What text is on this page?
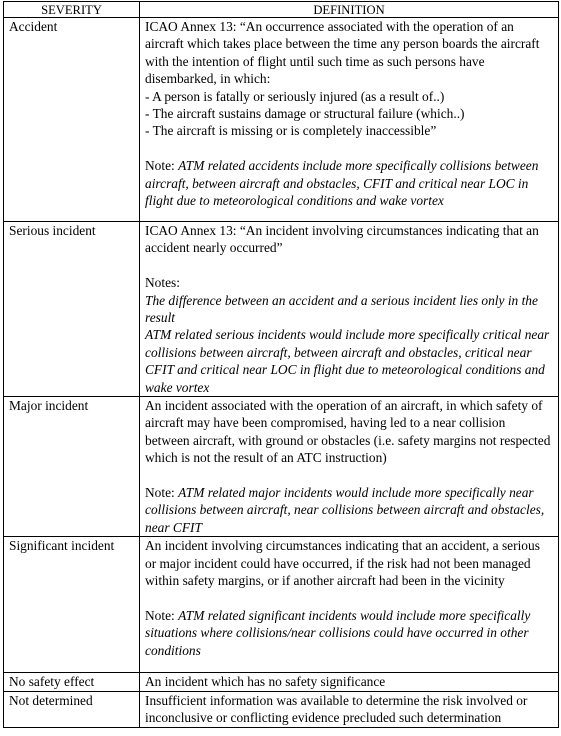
SEVERITY	DEFINITION
Accident	ICAO Annex 13: “An occurrence associated with the operation of an aircraft which takes place between the time any person boards the aircraft with the intention of flight until such time as such persons have disembarked, in which:

- A person is fatally or seriously injured (as a result of..)

- The aircraft sustains damage or structural failure (which..)

- The aircraft is missing or is completely inaccessible”

Note: ATM related accidents include more specifically collisions between aircraft, between aircraft and obstacles, CFIT and critical near LOC in flight due to meteorological conditions and wake vortex

Serious incident	ICAO Annex 13: “An incident involving circumstances indicating that an accident nearly occurred”

Notes:

The difference between an accident and a serious incident lies only in the result

ATM related serious incidents would include more specifically critical near collisions between aircraft, between aircraft and obstacles, critical near CFIT and critical near LOC in flight due to meteorological conditions and wake vortex

Major incident	An incident associated with the operation of an aircraft, in which safety of aircraft may have been compromised, having led to a near collision between aircraft, with ground or obstacles (i.e. safety margins not respected which is not the result of an ATC instruction)

Note: ATM related major incidents would include more specifically near collisions between aircraft, near collisions between aircraft and obstacles, near CFIT

Significant incident	An incident involving circumstances indicating that an accident, a serious or major incident could have occurred, if the risk had not been managed within safety margins, or if another aircraft had been in the vicinity

Note: ATM related significant incidents would include more specifically situations where collisions/near collisions could have occurred in other conditions

No safety effect	An incident which has no safety significance

Not determined	Insufficient information was available to determine the risk involved or inconclusive or conflicting evidence precluded such determination
